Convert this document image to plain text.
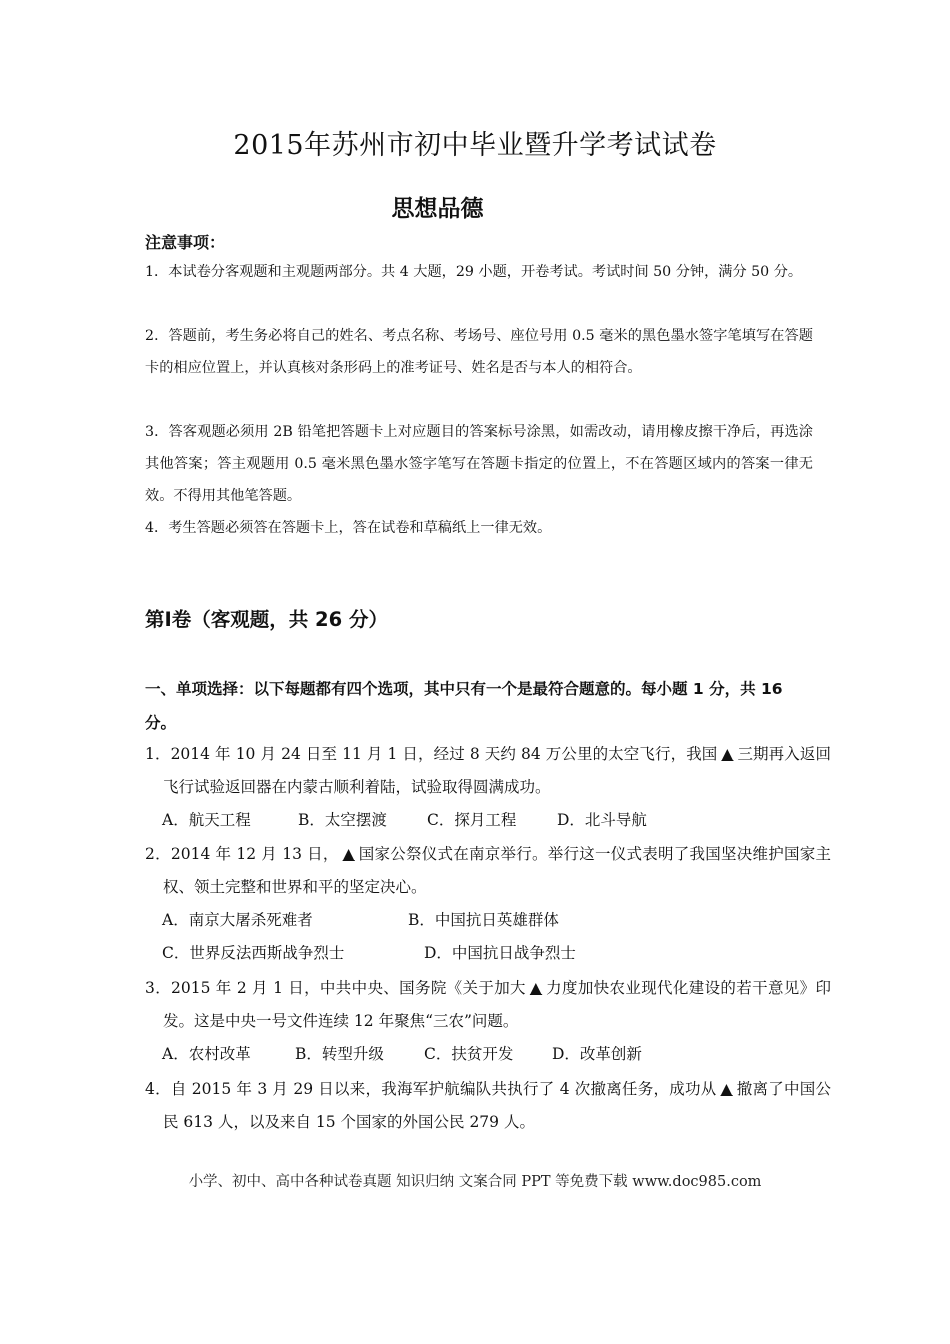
2015年苏州市初中毕业暨升学考试试卷
思想品德
注意事项：
1．本试卷分客观题和主观题两部分。共 4 大题，29 小题，开卷考试。考试时间 50 分钟，满分 50 分。
2．答题前，考生务必将自己的姓名、考点名称、考场号、座位号用 0.5 毫米的黑色墨水签字笔填写在答题卡的相应位置上，并认真核对条形码上的准考证号、姓名是否与本人的相符合。
3．答客观题必须用 2B 铅笔把答题卡上对应题目的答案标号涂黑，如需改动，请用橡皮擦干净后，再选涂其他答案；答主观题用 0.5 毫米黑色墨水签字笔写在答题卡指定的位置上，不在答题区域内的答案一律无效。不得用其他笔答题。
4．考生答题必须答在答题卡上，答在试卷和草稿纸上一律无效。
第Ⅰ卷（客观题，共 26 分）
一、单项选择：以下每题都有四个选项，其中只有一个是最符合题意的。每小题 1 分，共 16 分。
1．2014 年 10 月 24 日至 11 月 1 日，经过 8 天约 84 万公里的太空飞行，我国 ▲ 三期再入返回飞行试验返回器在内蒙古顺利着陆，试验取得圆满成功。
A．航天工程	B．太空摆渡	C．探月工程	D．北斗导航
2．2014 年 12 月 13 日， ▲ 国家公祭仪式在南京举行。举行这一仪式表明了我国坚决维护国家主权、领土完整和世界和平的坚定决心。
A．南京大屠杀死难者	B．中国抗日英雄群体
C．世界反法西斯战争烈士	D．中国抗日战争烈士
3．2015 年 2 月 1 日，中共中央、国务院《关于加大 ▲ 力度加快农业现代化建设的若干意见》印发。这是中央一号文件连续 12 年聚焦“三农”问题。
A．农村改革	B．转型升级	C．扶贫开发 D．改革创新
4．自 2015 年 3 月 29 日以来，我海军护航编队共执行了 4 次撤离任务，成功从 ▲ 撤离了中国公民 613 人，以及来自 15 个国家的外国公民 279 人。
小学、初中、高中各种试卷真题 知识归纳 文案合同 PPT 等免费下载 www.doc985.com
